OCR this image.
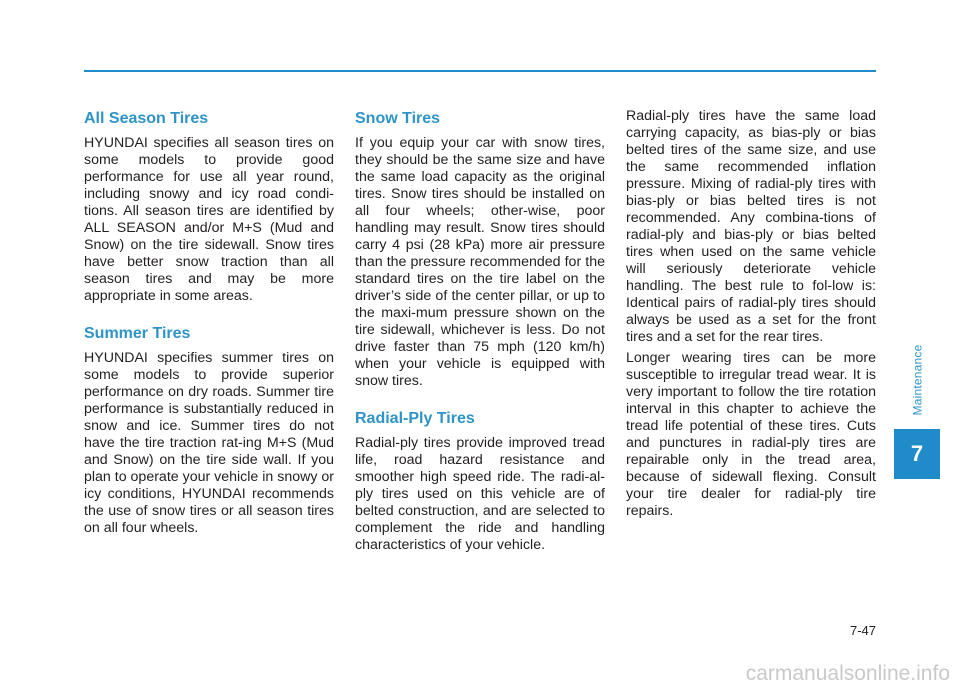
All Season Tires

HYUNDAI specifies all season tires on some models to provide good performance for use all year round, including snowy and icy road condi-tions. All season tires are identified by ALL SEASON and/or M+S (Mud and Snow) on the tire sidewall. Snow tires have better snow traction than all season tires and may be more appropriate in some areas.

Summer Tires

HYUNDAI specifies summer tires on some models to provide superior performance on dry roads. Summer tire performance is substantially reduced in snow and ice. Summer tires do not have the tire traction rat-ing M+S (Mud and Snow) on the tire side wall. If you plan to operate your vehicle in snowy or icy conditions, HYUNDAI recommends the use of snow tires or all season tires on all four wheels.

Snow Tires

If you equip your car with snow tires, they should be the same size and have the same load capacity as the original tires. Snow tires should be installed on all four wheels; other-wise, poor handling may result. Snow tires should carry 4 psi (28 kPa) more air pressure than the pressure recommended for the standard tires on the tire label on the driver’s side of the center pillar, or up to the maxi-mum pressure shown on the tire sidewall, whichever is less. Do not drive faster than 75 mph (120 km/h) when your vehicle is equipped with snow tires.

Radial-Ply Tires

Radial-ply tires provide improved tread life, road hazard resistance and smoother high speed ride. The radi-al-ply tires used on this vehicle are of belted construction, and are selected to complement the ride and handling characteristics of your vehicle.

Radial-ply tires have the same load carrying capacity, as bias-ply or bias belted tires of the same size, and use the same recommended inflation pressure. Mixing of radial-ply tires with bias-ply or bias belted tires is not recommended. Any combina-tions of radial-ply and bias-ply or bias belted tires when used on the same vehicle will seriously deteriorate vehicle handling. The best rule to fol-low is: Identical pairs of radial-ply tires should always be used as a set for the front tires and a set for the rear tires.

Longer wearing tires can be more susceptible to irregular tread wear. It is very important to follow the tire rotation interval in this chapter to achieve the tread life potential of these tires. Cuts and punctures in radial-ply tires are repairable only in the tread area, because of sidewall flexing. Consult your tire dealer for radial-ply tire repairs.

Maintenance
7
7-47
carmanualsonline.info
